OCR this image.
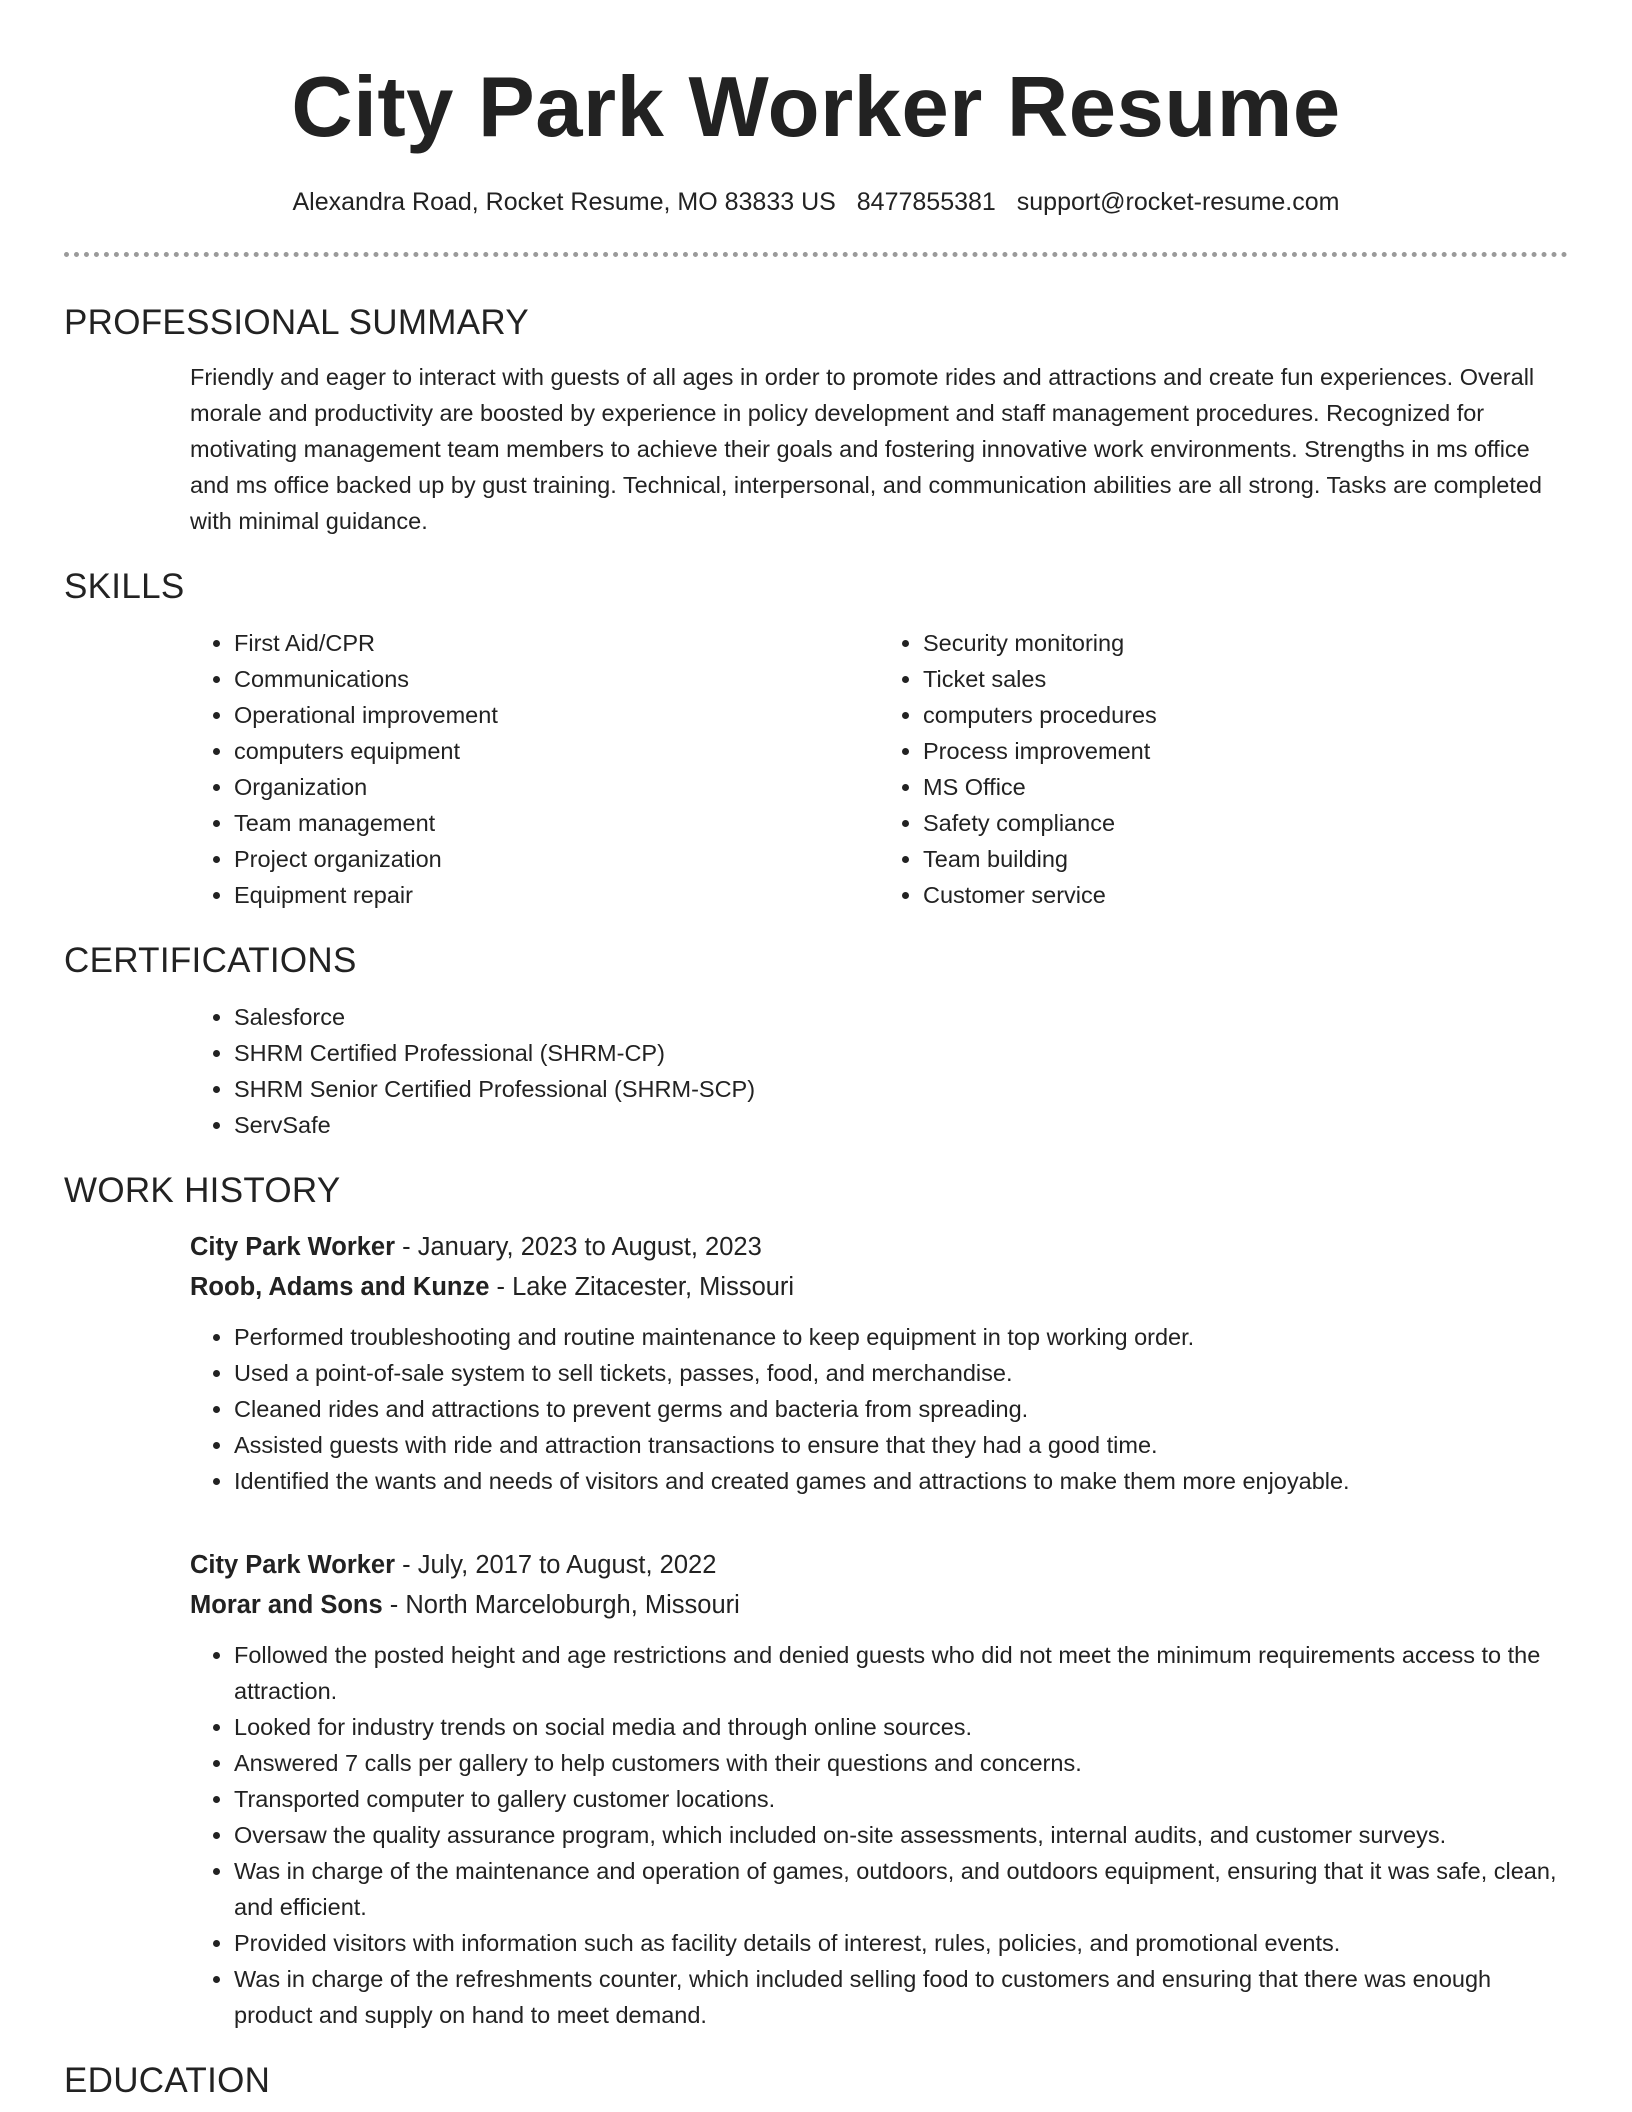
City Park Worker Resume
Alexandra Road, Rocket Resume, MO 83833 US 8477855381 support@rocket-resume.com
PROFESSIONAL SUMMARY
Friendly and eager to interact with guests of all ages in order to promote rides and attractions and create fun experiences. Overall morale and productivity are boosted by experience in policy development and staff management procedures. Recognized for motivating management team members to achieve their goals and fostering innovative work environments. Strengths in ms office and ms office backed up by gust training. Technical, interpersonal, and communication abilities are all strong. Tasks are completed with minimal guidance.
SKILLS
• First Aid/CPR
• Communications
• Operational improvement
• computers equipment
• Organization
• Team management
• Project organization
• Equipment repair
• Security monitoring
• Ticket sales
• computers procedures
• Process improvement
• MS Office
• Safety compliance
• Team building
• Customer service
CERTIFICATIONS
• Salesforce
• SHRM Certified Professional (SHRM-CP)
• SHRM Senior Certified Professional (SHRM-SCP)
• ServSafe
WORK HISTORY
City Park Worker - January, 2023 to August, 2023
Roob, Adams and Kunze - Lake Zitacester, Missouri
• Performed troubleshooting and routine maintenance to keep equipment in top working order.
• Used a point-of-sale system to sell tickets, passes, food, and merchandise.
• Cleaned rides and attractions to prevent germs and bacteria from spreading.
• Assisted guests with ride and attraction transactions to ensure that they had a good time.
• Identified the wants and needs of visitors and created games and attractions to make them more enjoyable.
City Park Worker - July, 2017 to August, 2022
Morar and Sons - North Marceloburgh, Missouri
• Followed the posted height and age restrictions and denied guests who did not meet the minimum requirements access to the attraction.
• Looked for industry trends on social media and through online sources.
• Answered 7 calls per gallery to help customers with their questions and concerns.
• Transported computer to gallery customer locations.
• Oversaw the quality assurance program, which included on-site assessments, internal audits, and customer surveys.
• Was in charge of the maintenance and operation of games, outdoors, and outdoors equipment, ensuring that it was safe, clean, and efficient.
• Provided visitors with information such as facility details of interest, rules, policies, and promotional events.
• Was in charge of the refreshments counter, which included selling food to customers and ensuring that there was enough product and supply on hand to meet demand.
EDUCATION
